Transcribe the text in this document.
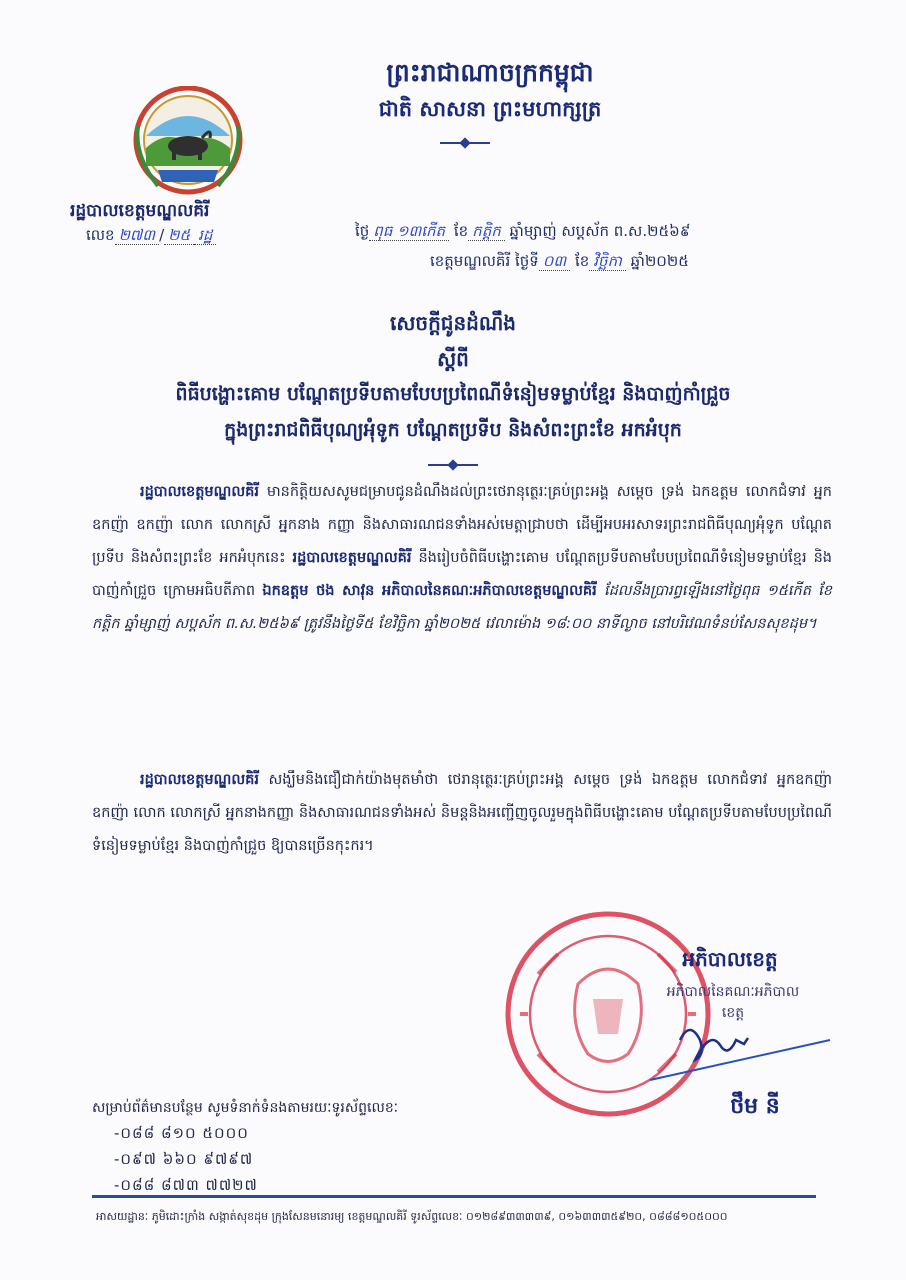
ព្រះរាជាណាចក្រកម្ពុជា
ជាតិ សាសនា ព្រះមហាក្សត្រ
រដ្ឋបាលខេត្តមណ្ឌលគិរី
លេខ ២៧៣ / ២៥ រដ្ឋ	ថ្ងៃ ពុធ ១៣កើត ខែ កត្ដិក ឆ្នាំម្សាញ់ សប្តស័ក ព.ស.២៥៦៩
ខេត្តមណ្ឌលគិរី ថ្ងៃទី ០៣ ខែ វិច្ឆិកា ឆ្នាំ២០២៥
សេចក្តីជូនដំណឹង
ស្តីពី
ពិធីបង្ហោះគោម បណ្តែតប្រទីបតាមបែបប្រពៃណីទំនៀមទម្លាប់ខ្មែរ និងបាញ់កាំជ្រួច
ក្នុងព្រះរាជពិធីបុណ្យអុំទូក បណ្តែតប្រទីប និងសំពះព្រះខែ អកអំបុក
រដ្ឋបាលខេត្តមណ្ឌលគិរី មានកិត្តិយសសូមជម្រាបជូនដំណឹងដល់ព្រះថេរានុត្ថេរៈគ្រប់ព្រះអង្គ សម្តេច ទ្រង់ ឯកឧត្តម លោកជំទាវ អ្នកឧកញ៉ា ឧកញ៉ា លោក លោកស្រី អ្នកនាង កញ្ញា និងសាធារណជនទាំងអស់មេត្តាជ្រាបថា ដើម្បីអបអរសាទរព្រះរាជពិធីបុណ្យអុំទូក បណ្តែតប្រទីប និងសំពះព្រះខែ អកអំបុកនេះ រដ្ឋបាលខេត្តមណ្ឌលគិរី នឹងរៀបចំពិធីបង្ហោះគោម បណ្តែតប្រទីបតាមបែបប្រពៃណីទំនៀមទម្លាប់ខ្មែរ និងបាញ់កាំជ្រួច ក្រោមអធិបតីភាព ឯកឧត្តម ថង សាវុន អភិបាលនៃគណៈអភិបាលខេត្តមណ្ឌលគិរី ដែលនឹងប្រារព្ធឡើងនៅថ្ងៃពុធ ១៥កើត ខែកត្តិក ឆ្នាំម្សាញ់ សប្តស័ក ព.ស.២៥៦៩ ត្រូវនឹងថ្ងៃទី៥ ខែវិច្ឆិកា ឆ្នាំ២០២៥ វេលាម៉ោង ១៨:០០ នាទីល្ងាច នៅបរិវេណទំនប់សែនសុខដុម។
រដ្ឋបាលខេត្តមណ្ឌលគិរី សង្ឃឹមនិងជឿជាក់យ៉ាងមុតមាំថា ថេរានុត្ថេរៈគ្រប់ព្រះអង្គ សម្តេច ទ្រង់ ឯកឧត្តម លោកជំទាវ អ្នកឧកញ៉ា ឧកញ៉ា លោក លោកស្រី អ្នកនាងកញ្ញា និងសាធារណជនទាំងអស់ និមន្តនិងអញ្ជើញចូលរួមក្នុងពិធីបង្ហោះគោម បណ្តែតប្រទីបតាមបែបប្រពៃណីទំនៀមទម្លាប់ខ្មែរ និងបាញ់កាំជ្រួច ឱ្យបានច្រើនកុះករ។
អភិបាលខេត្ត
អភិបាលនៃគណៈអភិបាលខេត្ត
ថឹម នី
សម្រាប់ព័ត៌មានបន្ថែម សូមទំនាក់ទំនងតាមរយៈទូរស័ព្ទលេខៈ
-០៨៨ ៨១០ ៥០០០
-០៩៧ ៦៦០ ៩៧៩៧
-០៨៨ ៨៧៣ ៧៧២៧
អាសយដ្ឋានៈ ភូមិដោះក្រាំង សង្កាត់សុខដុម ក្រុងសែនមនោរម្យ ខេត្តមណ្ឌលគិរី ទូរស័ព្ទលេខៈ ០១២៨៩៣៣៣៣៩, ០១៦៣៣៣៥៩២០, ០៨៨៨១០៥០០០
